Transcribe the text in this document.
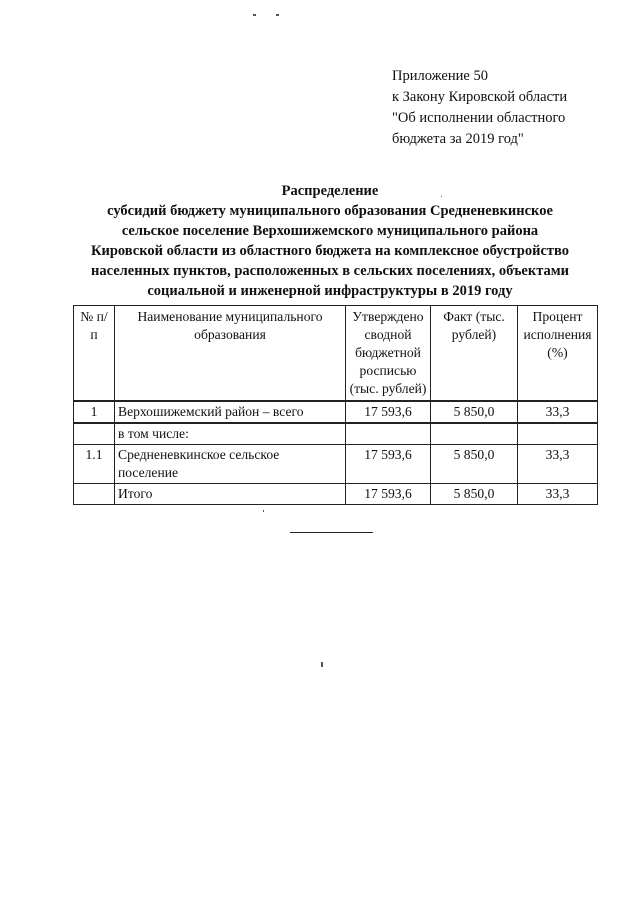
Приложение 50
к Закону Кировской области
"Об исполнении областного
бюджета за 2019 год"
Распределение
субсидий бюджету муниципального образования Средненевкинское
сельское поселение Верхошижемского муниципального района
Кировской области из областного бюджета на комплексное обустройство
населенных пунктов, расположенных в сельских поселениях, объектами
социальной и инженерной инфраструктуры в 2019 году
№ п/п	Наименование муниципального образования	Утверждено сводной бюджетной росписью (тыс. рублей)	Факт (тыс. рублей)	Процент исполнения (%)
1	Верхошижемский район – всего	17 593,6	5 850,0	33,3
	в том числе:			
1.1	Средненевкинское сельское поселение	17 593,6	5 850,0	33,3
	Итого	17 593,6	5 850,0	33,3
